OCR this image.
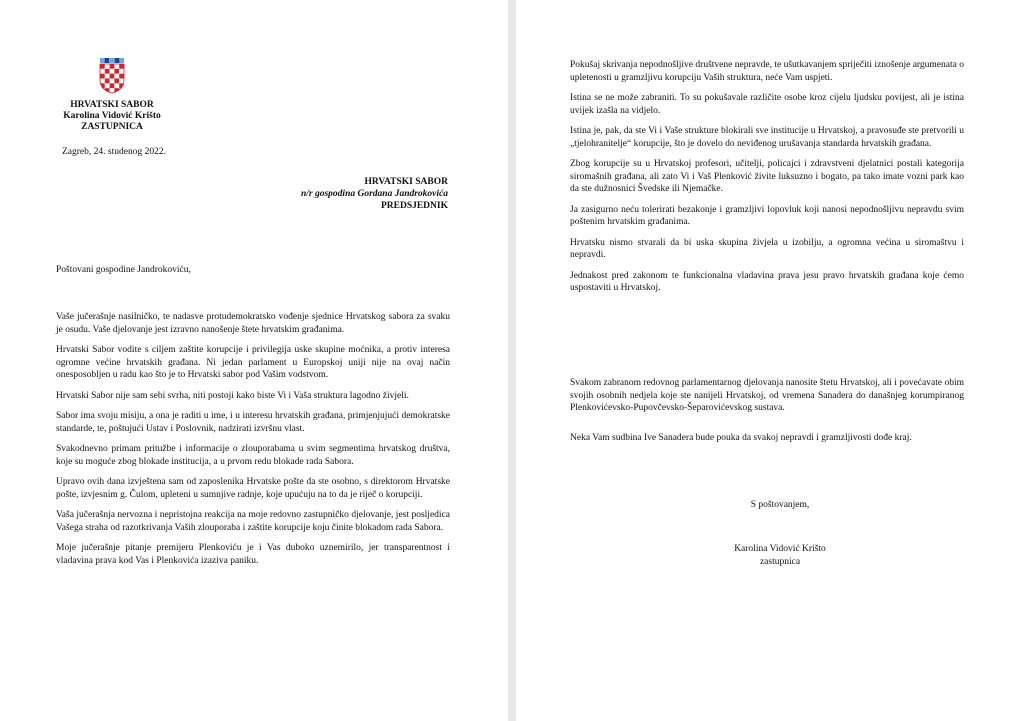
HRVATSKI SABOR
Karolina Vidović Krišto
ZASTUPNICA
Zagreb, 24. studenog 2022.
HRVATSKI SABOR
n/r gospodina Gordana Jandrokovića
PREDSJEDNIK
Poštovani gospodine Jandrokoviću,

Vaše jučerašnje nasilničko, te nadasve protudemokratsko vođenje sjednice Hrvatskog sabora za svaku je osudu. Vaše djelovanje jest izravno nanošenje štete hrvatskim građanima.

Hrvatski Sabor vodite s ciljem zaštite korupcije i privilegija uske skupine moćnika, a protiv interesa ogromne većine hrvatskih građana. Ni jedan parlament u Europskoj uniji nije na ovaj način onesposobljen u radu kao što je to Hrvatski sabor pod Vašim vodstvom.

Hrvatski Sabor nije sam sebi svrha, niti postoji kako biste Vi i Vaša struktura lagodno živjeli.

Sabor ima svoju misiju, a ona je raditi u ime, i u interesu hrvatskih građana, primjenjujući demokratske standarde, te, poštujući Ustav i Poslovnik, nadzirati izvršnu vlast.

Svakodnevno primam pritužbe i informacije o zlouporabama u svim segmentima hrvatskog društva, koje su moguće zbog blokade institucija, a u prvom redu blokade rada Sabora.

Upravo ovih dana izvještena sam od zaposlenika Hrvatske pošte da ste osobno, s direktorom Hrvatske pošte, izvjesnim g. Čulom, upleteni u sumnjive radnje, koje upućuju na to da je riječ o korupciji.

Vaša jučerašnja nervozna i nepristojna reakcija na moje redovno zastupničko djelovanje, jest posljedica Vašega straha od razotkrivanja Vaših zlouporaba i zaštite korupcije koju činite blokadom rada Sabora.

Moje jučerašnje pitanje premijeru Plenkoviću je i Vas duboko uznemirilo, jer transparentnost i vladavina prava kod Vas i Plenkovića izaziva paniku.

Pokušaj skrivanja nepodnošljive društvene nepravde, te ušutkavanjem spriječiti iznošenje argumenata o upletenosti u gramzljivu korupciju Vaših struktura, neće Vam uspjeti.

Istina se ne može zabraniti. To su pokušavale različite osobe kroz cijelu ljudsku povijest, ali je istina uvijek izašla na vidjelo.

Istina je, pak, da ste Vi i Vaše strukture blokirali sve institucije u Hrvatskoj, a pravosuđe ste pretvorili u „tjelohranitelje“ korupcije, što je dovelo do neviđenog urušavanja standarda hrvatskih građana.

Zbog korupcije su u Hrvatskoj profesori, učitelji, policajci i zdravstveni djelatnici postali kategorija siromašnih građana, ali zato Vi i Vaš Plenković živite luksuzno i bogato, pa tako imate vozni park kao da ste dužnosnici Švedske ili Njemačke.

Ja zasigurno neću tolerirati bezakonje i gramzljivi lopovluk koji nanosi nepodnošljivu nepravdu svim poštenim hrvatskim građanima.

Hrvatsku nismo stvarali da bi uska skupina živjela u izobilju, a ogromna većina u siromaštvu i nepravdi.

Jednakost pred zakonom te funkcionalna vladavina prava jesu pravo hrvatskih građana koje ćemo uspostaviti u Hrvatskoj.

Svakom zabranom redovnog parlamentarnog djelovanja nanosite štetu Hrvatskoj, ali i povećavate obim svojih osobnih nedjela koje ste nanijeli Hrvatskoj, od vremena Sanadera do današnjeg korumpiranog Plenkovićevsko-Pupovčevsko-Šeparovićevskog sustava.

Neka Vam sudbina Ive Sanadera bude pouka da svakoj nepravdi i gramzljivosti dođe kraj.

S poštovanjem,
Karolina Vidović Krišto
zastupnica
